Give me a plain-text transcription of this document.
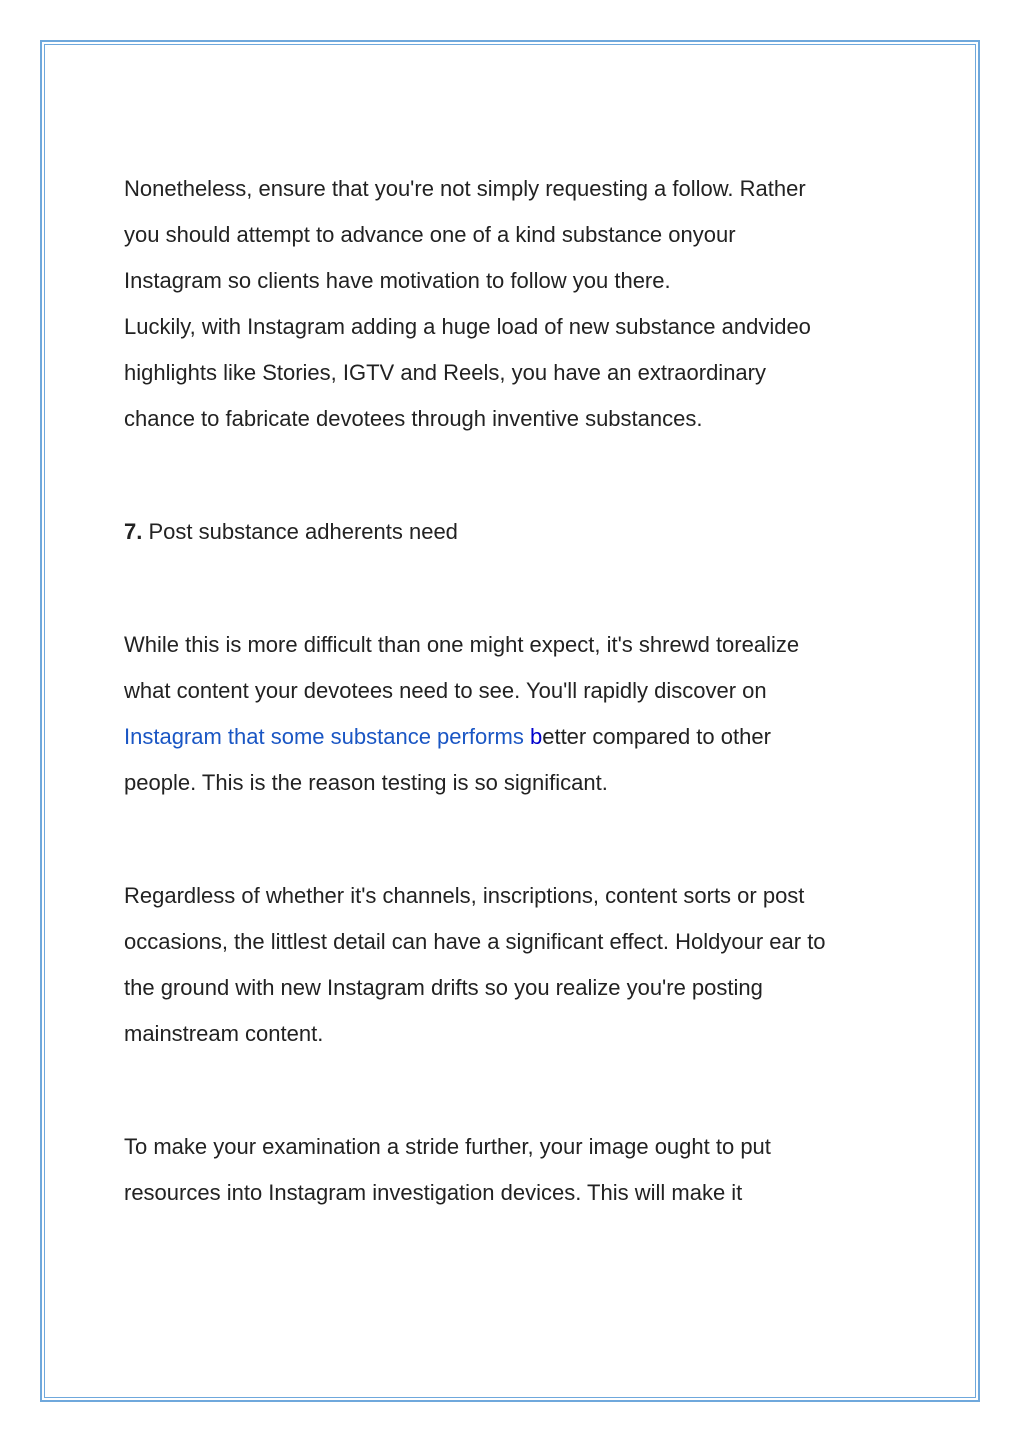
Nonetheless, ensure that you're not simply requesting a follow. Rather
you should attempt to advance one of a kind substance onyour
Instagram so clients have motivation to follow you there.
Luckily, with Instagram adding a huge load of new substance andvideo
highlights like Stories, IGTV and Reels, you have an extraordinary
chance to fabricate devotees through inventive substances.
7. Post substance adherents need
While this is more difficult than one might expect, it's shrewd torealize
what content your devotees need to see. You'll rapidly discover on
Instagram that some substance performs better compared to other
people. This is the reason testing is so significant.
Regardless of whether it's channels, inscriptions, content sorts or post
occasions, the littlest detail can have a significant effect. Holdyour ear to
the ground with new Instagram drifts so you realize you're posting
mainstream content.
To make your examination a stride further, your image ought to put
resources into Instagram investigation devices. This will make it
